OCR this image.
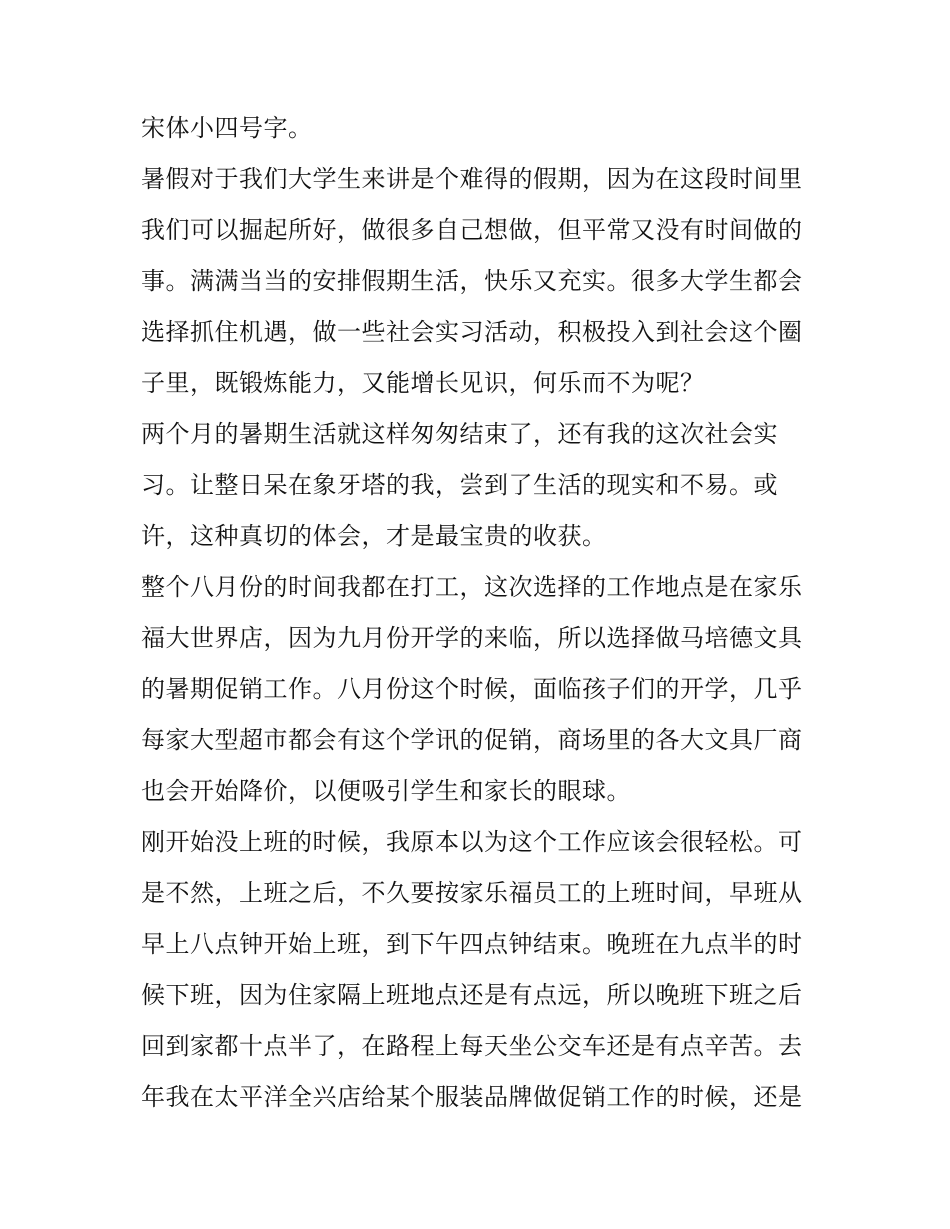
宋体小四号字。
暑假对于我们大学生来讲是个难得的假期，因为在这段时间里
我们可以掘起所好，做很多自己想做，但平常又没有时间做的
事。满满当当的安排假期生活，快乐又充实。很多大学生都会
选择抓住机遇，做一些社会实习活动，积极投入到社会这个圈
子里，既锻炼能力，又能增长见识，何乐而不为呢？
两个月的暑期生活就这样匆匆结束了，还有我的这次社会实
习。让整日呆在象牙塔的我，尝到了生活的现实和不易。或
许，这种真切的体会，才是最宝贵的收获。
整个八月份的时间我都在打工，这次选择的工作地点是在家乐
福大世界店，因为九月份开学的来临，所以选择做马培德文具
的暑期促销工作。八月份这个时候，面临孩子们的开学，几乎
每家大型超市都会有这个学讯的促销，商场里的各大文具厂商
也会开始降价，以便吸引学生和家长的眼球。
刚开始没上班的时候，我原本以为这个工作应该会很轻松。可
是不然，上班之后，不久要按家乐福员工的上班时间，早班从
早上八点钟开始上班，到下午四点钟结束。晚班在九点半的时
候下班，因为住家隔上班地点还是有点远，所以晚班下班之后
回到家都十点半了，在路程上每天坐公交车还是有点辛苦。去
年我在太平洋全兴店给某个服装品牌做促销工作的时候，还是
